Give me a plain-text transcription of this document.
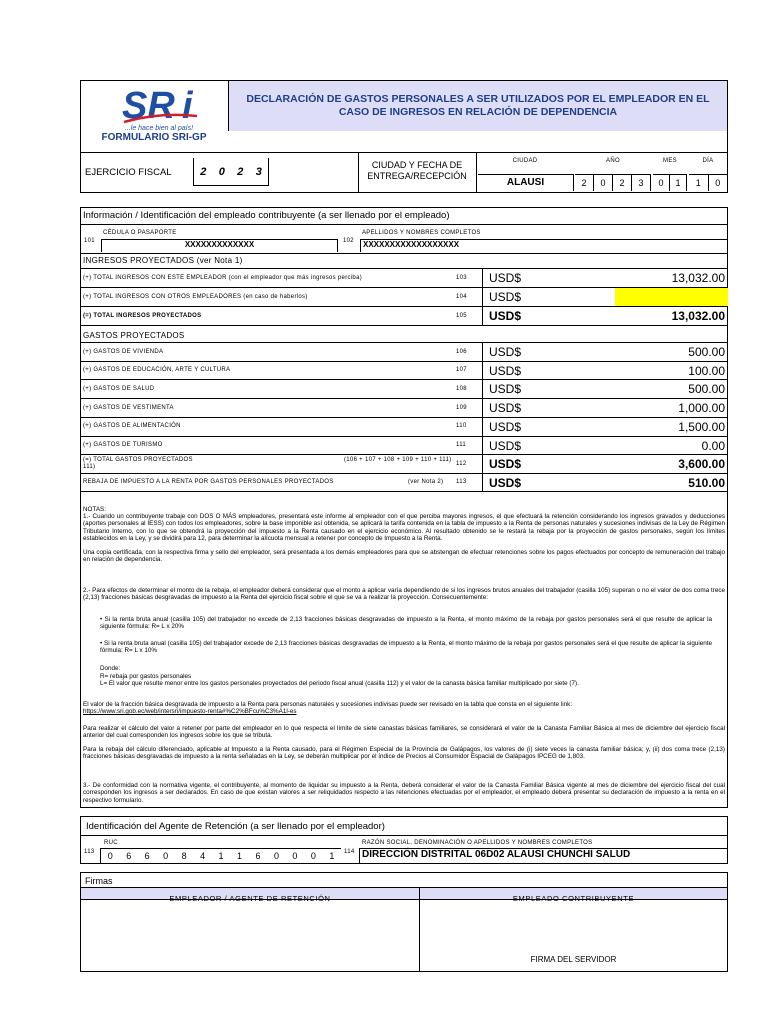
SR i
...le hace bien al país!
FORMULARIO SRI-GP
DECLARACIÓN DE GASTOS PERSONALES A SER UTILIZADOS POR EL EMPLEADOR EN EL CASO DE INGRESOS EN RELACIÓN DE DEPENDENCIA
EJERCICIO FISCAL	2	0	2	3
CIUDAD Y FECHA DE ENTREGA/RECEPCIÓN
CIUDAD	AÑO	MES	DÍA
ALAUSI	2	0	2	3	0	1	1	0
Información / Identificación del empleado contribuyente (a ser llenado por el empleado)
101
CÉDULA O PASAPORTE
XXXXXXXXXXXXX	102
APELLIDOS Y NOMBRES COMPLETOS
XXXXXXXXXXXXXXXXXX
INGRESOS PROYECTADOS (ver Nota 1)
(+) TOTAL INGRESOS CON ESTE EMPLEADOR (con el empleador que más ingresos perciba)	103 USD$	13,032.00
(+) TOTAL INGRESOS CON OTROS EMPLEADORES (en caso de haberlos)	104 USD$
(=) TOTAL INGRESOS PROYECTADOS	105 USD$	13,032.00
GASTOS PROYECTADOS
(+) GASTOS DE VIVIENDA	106 USD$	500.00
(+) GASTOS DE EDUCACIÓN, ARTE Y CULTURA	107 USD$	100.00
(+) GASTOS DE SALUD	108 USD$	500.00
(+) GASTOS DE VESTIMENTA	109 USD$	1,000.00
(+) GASTOS DE ALIMENTACIÓN	110 USD$	1,500.00
(+) GASTOS DE TURISMO	111 USD$	0.00
(=) TOTAL GASTOS PROYECTADOS	(106 + 107 + 108 + 109 + 110 + 111)
111)	112 USD$	3,600.00
REBAJA DE IMPUESTO A LA RENTA POR GASTOS PERSONALES PROYECTADOS	(ver Nota 2) 113 USD$	510.00
NOTAS:
1.- Cuando un contribuyente trabaje con DOS O MÁS empleadores, presentará este informe al empleador con el que perciba mayores ingresos, el que efectuará la retención considerando los ingresos gravados y deducciones (aportes personales al IESS) con todos los empleadores, sobre la base imponible así obtenida, se aplicará la tarifa contenida en la tabla de impuesto a la Renta de personas naturales y sucesiones indivisas de la Ley de Régimen Tributario Interno, con lo que se obtendrá la proyección del impuesto a la Renta causado en el ejercicio económico. Al resultado obtenido se le restará la rebaja por la proyección de gastos personales, según los límites establecidos en la Ley, y se dividirá para 12, para determinar la alícuota mensual a retener por concepto de Impuesto a la Renta.
Una copia certificada, con la respectiva firma y sello del empleador, será presentada a los demás empleadores para que se abstengan de efectuar retenciones sobre los pagos efectuados por concepto de remuneración del trabajo en relación de dependencia.
2.- Para efectos de determinar el monto de la rebaja, el empleador deberá considerar que el monto a aplicar varía dependiendo de si los ingresos brutos anuales del trabajador (casilla 105) superan o no el valor de dos coma trece (2,13) fracciones básicas desgravadas de impuesto a la Renta del ejercicio fiscal sobre el que se va a realizar la proyección. Consecuentemente:
• Si la renta bruta anual (casilla 105) del trabajador no excede de 2,13 fracciones básicas desgravadas de impuesto a la Renta, el monto máximo de la rebaja por gastos personales será el que resulte de aplicar la siguiente fórmula: R= L x 20%
• Si la renta bruta anual (casilla 105) del trabajador excede de 2,13 fracciones básicas desgravadas de impuesto a la Renta, el monto máximo de la rebaja por gastos personales será el que resulte de aplicar la siguiente fórmula: R= L x 10%
Donde:
R= rebaja por gastos personales
L= El valor que resulte menor entre los gastos personales proyectados del periodo fiscal anual (casilla 112) y el valor de la canasta básica familiar multiplicado por siete (7).
El valor de la fracción básica desgravada de impuesto a la Renta para personas naturales y sucesiones indivisas puede ser revisado en la tabla que consta en el siguiente link:
https://www.sri.gob.ec/web/intersri/impuesto-renta#%C2%BFcu%C3%A1l-es
Para realizar el cálculo del valor a retener por parte del empleador en lo que respecta el límite de siete canastas básicas familiares, se considerará el valor de la Canasta Familiar Básica al mes de diciembre del ejercicio fiscal anterior del cual corresponden los ingresos sobre los que se tributa.
Para la rebaja del cálculo diferenciado, aplicable al Impuesto a la Renta causado, para el Régimen Especial de la Provincia de Galápagos, los valores de (i) siete veces la canasta familiar básica; y, (ii) dos coma trece (2,13) fracciones básicas desgravadas de impuesto a la renta señaladas en la Ley, se deberán multiplicar por el índice de Precios al Consumidor Espacial de Galápagos IPCEG de 1,803.
3.- De conformidad con la normativa vigente, el contribuyente, al momento de liquidar su impuesto a la Renta, deberá considerar el valor de la Canasta Familiar Básica vigente al mes de diciembre del ejercicio fiscal del cual corresponden los ingresos a ser declarados. En caso de que existan valores a ser reliquidados respecto a las retenciones efectuadas por el empleador, el empleado deberá presentar su declaración de impuesto a la renta en el respectivo formulario.
Identificación del Agente de Retención (a ser llenado por el empleador)
113
RUC
0	6	6	0	8	4	1	1	6	0	0	0	1	114
RAZÓN SOCIAL, DENOMINACIÓN O APELLIDOS Y NOMBRES COMPLETOS
DIRECCIÓN DISTRITAL 06D02 ALAUSI CHUNCHI SALUD
Firmas
EMPLEADOR / AGENTE DE RETENCIÓN	EMPLEADO CONTRIBUYENTE
FIRMA DEL SERVIDOR
